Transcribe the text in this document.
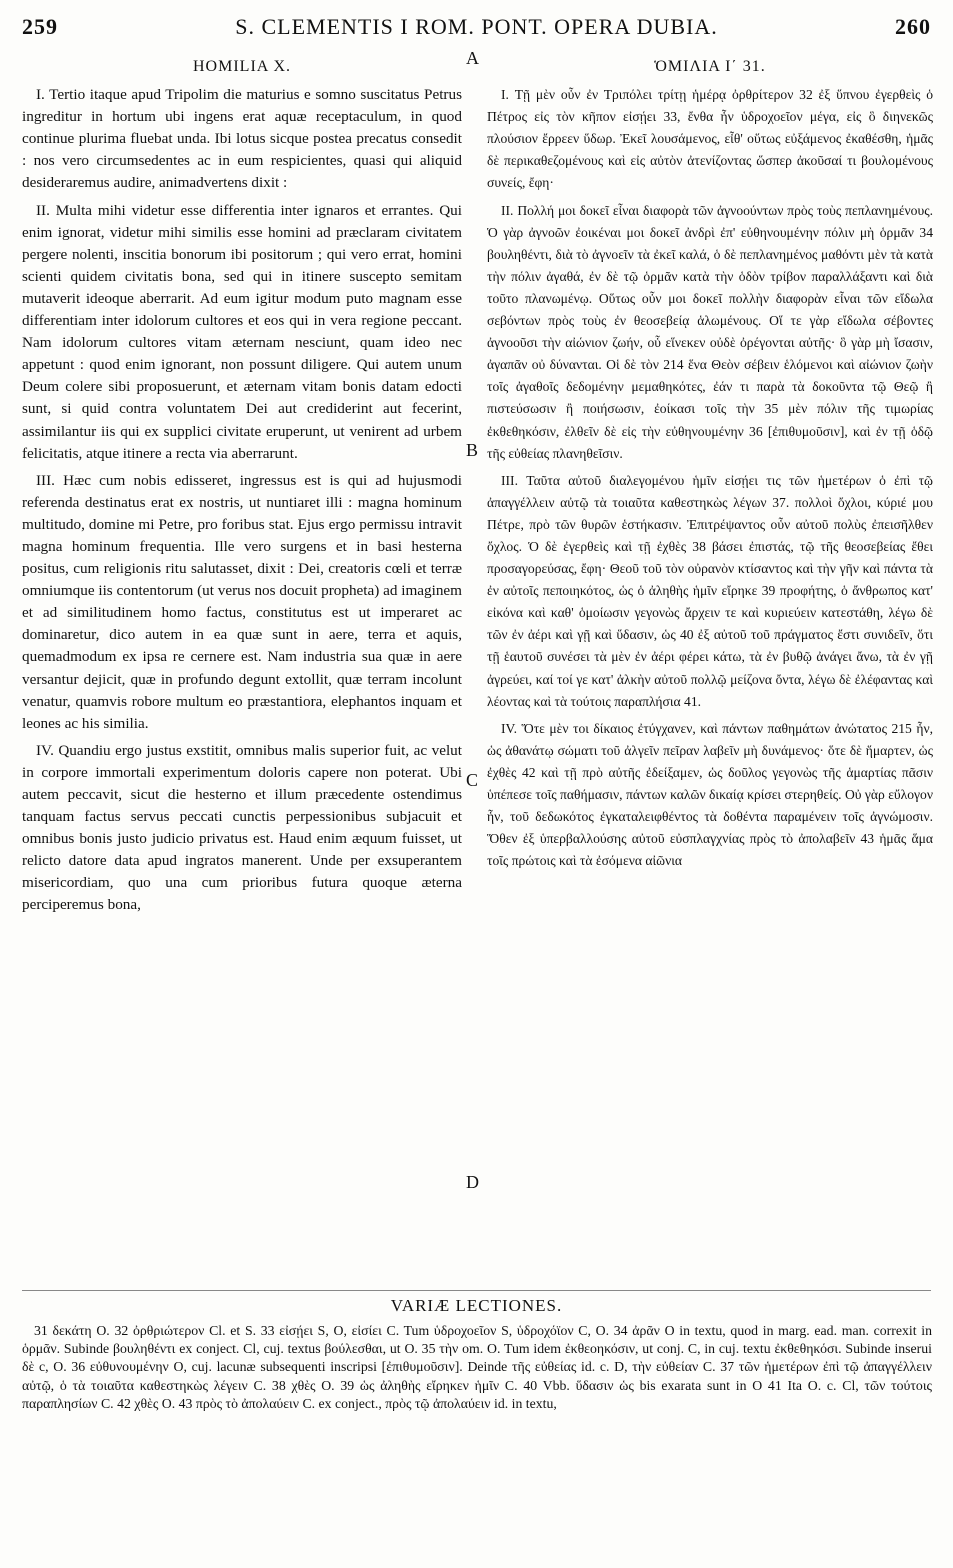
259	S. CLEMENTIS I ROM. PONT. OPERA DUBIA.	260
HOMILIA X.

I. Tertio itaque apud Tripolim die maturius e somno suscitatus Petrus ingreditur in hortum ubi ingens erat aquæ receptaculum, in quod continue plurima fluebat unda. Ibi lotus sicque postea precatus consedit : nos vero circumsedentes ac in eum respicientes, quasi qui aliquid desideraremus audire, animadvertens dixit :

II. Multa mihi videtur esse differentia inter ignaros et errantes. Qui enim ignorat, videtur mihi similis esse homini ad præclaram civitatem pergere nolenti, inscitia bonorum ibi positorum ; qui vero errat, homini scienti quidem civitatis bona, sed qui in itinere suscepto semitam mutaverit ideoque aberrarit. Ad eum igitur modum puto magnam esse differentiam inter idolorum cultores et eos qui in vera regione peccant. Nam idolorum cultores vitam æternam nesciunt, quam ideo nec appetunt : quod enim ignorant, non possunt diligere. Qui autem unum Deum colere sibi proposuerunt, et æternam vitam bonis datam edocti sunt, si quid contra voluntatem Dei aut crediderint aut fecerint, assimilantur iis qui ex supplici civitate eruperunt, ut venirent ad urbem felicitatis, atque itinere a recta via aberrarunt.

III. Hæc cum nobis edisseret, ingressus est is qui ad hujusmodi referenda destinatus erat ex nostris, ut nuntiaret illi : magna hominum multitudo, domine mi Petre, pro foribus stat. Ejus ergo permissu intravit magna hominum frequentia. Ille vero surgens et in basi hesterna positus, cum religionis ritu salutasset, dixit : Dei, creatoris cœli et terræ omniumque iis contentorum (ut verus nos docuit propheta) ad imaginem et ad similitudinem homo factus, constitutus est ut imperaret ac dominaretur, dico autem in ea quæ sunt in aere, terra et aquis, quemadmodum ex ipsa re cernere est. Nam industria sua quæ in aere versantur dejicit, quæ in profundo degunt extollit, quæ terram incolunt venatur, quamvis robore multum eo præstantiora, elephantos inquam et leones ac his similia.

IV. Quandiu ergo justus exstitit, omnibus malis superior fuit, ac velut in corpore immortali experimentum doloris capere non poterat. Ubi autem peccavit, sicut die hesterno et illum præcedente ostendimus tanquam factus servus peccati cunctis perpessionibus subjacuit et omnibus bonis justo judicio privatus est. Haud enim æquum fuisset, ut relicto datore data apud ingratos manerent. Unde per exsuperantem misericordiam, quo una cum prioribus futura quoque æterna perciperemus bona,

A
B
C
D
ὉΜΙΛΙΑ Ι΄ 31.

I. Τῇ μὲν οὖν ἐν Τριπόλει τρίτῃ ἡμέρᾳ ὀρθρίτερον 32 ἐξ ὕπνου ἐγερθεὶς ὁ Πέτρος εἰς τὸν κῆπον εἰσῄει 33, ἔνθα ἦν ὑδροχοεῖον μέγα, εἰς ὃ διηνεκῶς πλούσιον ἔρρεεν ὕδωρ. Ἐκεῖ λουσάμενος, εἶθ' οὕτως εὐξάμενος ἐκαθέσθη, ἡμᾶς δὲ περικαθεζομένους καὶ εἰς αὐτὸν ἀτενίζοντας ὥσπερ ἀκοῦσαί τι βουλομένους συνείς, ἔφη·

II. Πολλή μοι δοκεῖ εἶναι διαφορὰ τῶν ἀγνοούντων πρὸς τοὺς πεπλανημένους. Ὁ γὰρ ἀγνοῶν ἐοικέναι μοι δοκεῖ ἀνδρὶ ἐπ' εὐθηνουμένην πόλιν μὴ ὁρμᾶν 34 βουληθέντι, διὰ τὸ ἀγνοεῖν τὰ ἐκεῖ καλά, ὁ δὲ πεπλανημένος μαθόντι μὲν τὰ κατὰ τὴν πόλιν ἀγαθά, ἐν δὲ τῷ ὁρμᾶν κατὰ τὴν ὁδὸν τρίβον παραλλάξαντι καὶ διὰ τοῦτο πλανωμένῳ. Οὕτως οὖν μοι δοκεῖ πολλὴν διαφορὰν εἶναι τῶν εἴδωλα σεβόντων πρὸς τοὺς ἐν θεοσεβείᾳ ἁλωμένους. Οἵ τε γὰρ εἴδωλα σέβοντες ἀγνοοῦσι τὴν αἰώνιον ζωήν, οὗ εἵνεκεν οὐδὲ ὀρέγονται αὐτῆς· ὃ γὰρ μὴ ἴσασιν, ἀγαπᾶν οὐ δύνανται. Οἱ δὲ τὸν 214 ἕνα Θεὸν σέβειν ἑλόμενοι καὶ αἰώνιον ζωὴν τοῖς ἀγαθοῖς δεδομένην μεμαθηκότες, ἐάν τι παρὰ τὰ δοκοῦντα τῷ Θεῷ ἢ πιστεύσωσιν ἢ ποιήσωσιν, ἐοίκασι τοῖς τὴν 35 μὲν πόλιν τῆς τιμωρίας ἐκθεθηκόσιν, ἐλθεῖν δὲ εἰς τὴν εὐθηνουμένην 36 [ἐπιθυμοῦσιν], καὶ ἐν τῇ ὁδῷ τῆς εὐθείας πλανηθεῖσιν.

III. Ταῦτα αὐτοῦ διαλεγομένου ἡμῖν εἰσῄει τις τῶν ἡμετέρων ὁ ἐπὶ τῷ ἀπαγγέλλειν αὐτῷ τὰ τοιαῦτα καθεστηκὼς λέγων 37. πολλοὶ ὄχλοι, κύριέ μου Πέτρε, πρὸ τῶν θυρῶν ἑστήκασιν. Ἐπιτρέψαντος οὖν αὐτοῦ πολὺς ἐπεισῆλθεν ὄχλος. Ὁ δὲ ἐγερθεὶς καὶ τῇ ἐχθὲς 38 βάσει ἐπιστάς, τῷ τῆς θεοσεβείας ἔθει προσαγορεύσας, ἔφη· Θεοῦ τοῦ τὸν οὐρανὸν κτίσαντος καὶ τὴν γῆν καὶ πάντα τὰ ἐν αὐτοῖς πεποιηκότος, ὡς ὁ ἀληθὴς ἡμῖν εἴρηκε 39 προφήτης, ὁ ἄνθρωπος κατ' εἰκόνα καὶ καθ' ὁμοίωσιν γεγονὼς ἄρχειν τε καὶ κυριεύειν κατεστάθη, λέγω δὲ τῶν ἐν ἀέρι καὶ γῇ καὶ ὕδασιν, ὡς 40 ἐξ αὐτοῦ τοῦ πράγματος ἔστι συνιδεῖν, ὅτι τῇ ἑαυτοῦ συνέσει τὰ μὲν ἐν ἀέρι φέρει κάτω, τὰ ἐν βυθῷ ἀνάγει ἄνω, τὰ ἐν γῇ ἀγρεύει, καί τοί γε κατ' ἀλκὴν αὐτοῦ πολλῷ μείζονα ὄντα, λέγω δὲ ἐλέφαντας καὶ λέοντας καὶ τὰ τούτοις παραπλήσια 41.

IV. Ὅτε μὲν τοι δίκαιος ἐτύγχανεν, καὶ πάντων παθημάτων ἀνώτατος 215 ἦν, ὡς ἀθανάτῳ σώματι τοῦ ἀλγεῖν πεῖραν λαβεῖν μὴ δυνάμενος· ὅτε δὲ ἥμαρτεν, ὡς ἐχθὲς 42 καὶ τῇ πρὸ αὐτῆς ἐδείξαμεν, ὡς δοῦλος γεγονὼς τῆς ἁμαρτίας πᾶσιν ὑπέπεσε τοῖς παθήμασιν, πάντων καλῶν δικαίᾳ κρίσει στερηθείς. Οὐ γὰρ εὔλογον ἦν, τοῦ δεδωκότος ἐγκαταλειφθέντος τὰ δοθέντα παραμένειν τοῖς ἀγνώμοσιν. Ὅθεν ἐξ ὑπερβαλλούσης αὐτοῦ εὐσπλαγχνίας πρὸς τὸ ἀπολαβεῖν 43 ἡμᾶς ἅμα τοῖς πρώτοις καὶ τὰ ἐσόμενα αἰῶνια

VARIÆ LECTIONES.
31 δεκάτη O. 32 ὀρθριώτερον Cl. et S. 33 εἰσῄει S, O, εἰσίει C. Tum ὑδροχοεῖον S, ὑδροχόϊον C, O. 34 ἀρᾶν O in textu, quod in marg. ead. man. correxit in ὁρμᾶν. Subinde βουληθέντι ex conject. Cl, cuj. textus βούλεσθαι, ut O. 35 τὴν om. O. Tum idem ἐκθεοηκόσιν, ut conj. C, in cuj. textu ἐκθεθηκόσι. Subinde inserui δὲ c, O. 36 εὐθυνουμένην O, cuj. lacunæ subsequenti inscripsi [ἐπιθυμοῦσιν]. Deinde τῆς εὐθείας id. c. D, τὴν εὐθείαν C. 37 τῶν ἡμετέρων ἐπὶ τῷ ἀπαγγέλλειν αὐτῷ, ὁ τὰ τοιαῦτα καθεστηκὼς λέγειν C. 38 χθὲς O. 39 ὡς ἀληθὴς εἴρηκεν ἡμῖν C. 40 Vbb. ὕδασιν ὡς bis exarata sunt in O 41 Ita O. c. Cl, τῶν τούτοις παραπλησίων C. 42 χθὲς O. 43 πρὸς τὸ ἀπολαύειν C. ex conject., πρὸς τῷ ἀπολαύειν id. in textu,
